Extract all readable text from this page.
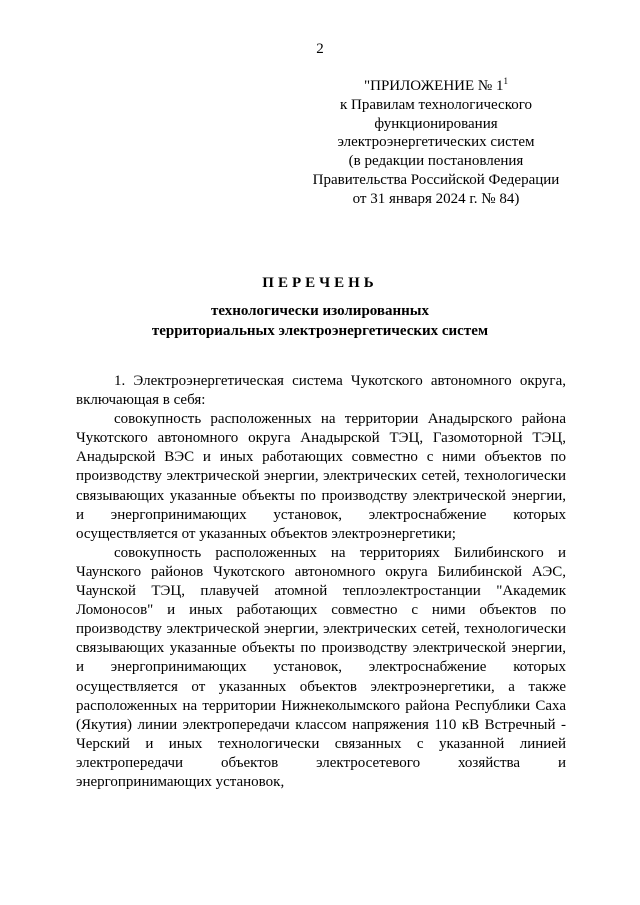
2
"ПРИЛОЖЕНИЕ № $1^1$
к Правилам технологического
функционирования
электроэнергетических систем
(в редакции постановления
Правительства Российской Федерации
от 31 января 2024 г. № 84)
ПЕРЕЧЕНЬ
технологически изолированных
территориальных электроэнергетических систем

1. Электроэнергетическая система Чукотского автономного округа, включающая в себя:

совокупность расположенных на территории Анадырского района Чукотского автономного округа Анадырской ТЭЦ, Газомоторной ТЭЦ, Анадырской ВЭС и иных работающих совместно с ними объектов по производству электрической энергии, электрических сетей, технологически связывающих указанные объекты по производству электрической энергии, и энергопринимающих установок, электроснабжение которых осуществляется от указанных объектов электроэнергетики;

совокупность расположенных на территориях Билибинского и Чаунского районов Чукотского автономного округа Билибинской АЭС, Чаунской ТЭЦ, плавучей атомной теплоэлектростанции "Академик Ломоносов" и иных работающих совместно с ними объектов по производству электрической энергии, электрических сетей, технологически связывающих указанные объекты по производству электрической энергии, и энергопринимающих установок, электроснабжение которых осуществляется от указанных объектов электроэнергетики, а также расположенных на территории Нижнеколымского района Республики Саха (Якутия) линии электропередачи классом напряжения 110 кВ Встречный - Черский и иных технологически связанных с указанной линией электропередачи объектов электросетевого хозяйства и энергопринимающих установок,
